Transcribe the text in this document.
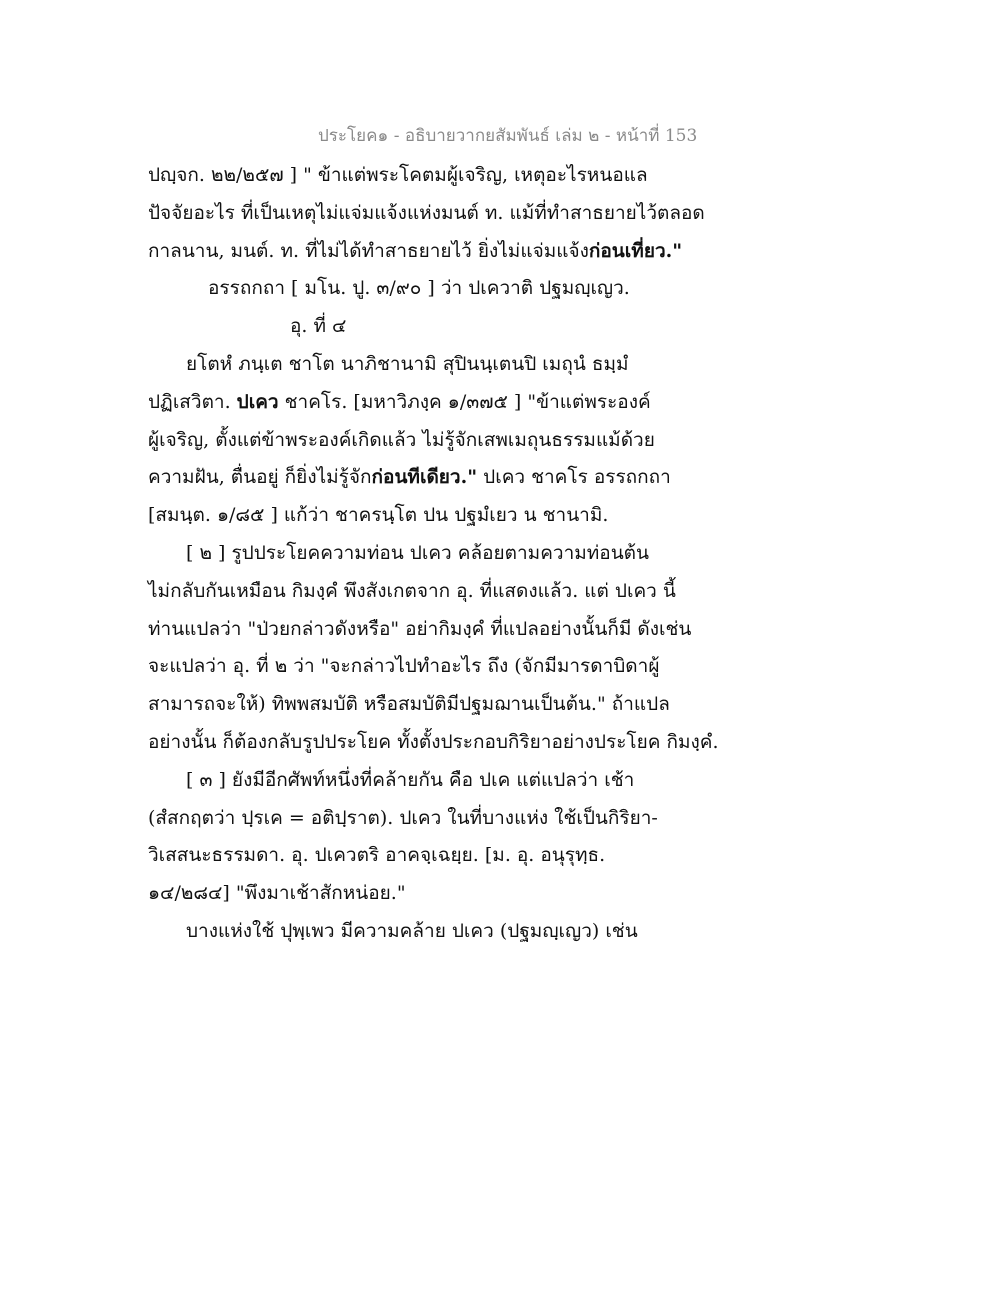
ประโยค๑ - อธิบายวากยสัมพันธ์ เล่ม ๒ - หน้าที่ 153
ปญฺจก. ๒๒/๒๕๗ ] " ข้าแต่พระโคตมผู้เจริญ, เหตุอะไรหนอแล
ปัจจัยอะไร ที่เป็นเหตุไม่แจ่มแจ้งแห่งมนต์ ท. แม้ที่ทำสาธยายไว้ตลอด
กาลนาน, มนต์. ท. ที่ไม่ได้ทำสาธยายไว้ ยิ่งไม่แจ่มแจ้งก่อนเที่ยว."
อรรถกถา [ มโน. ปู. ๓/๙๐ ] ว่า ปเควาติ ปฐมญฺเญว.
อุ. ที่ ๔
ยโตหํ ภนฺเต ชาโต นาภิชานามิ สุปินนฺเตนปิ เมถุนํ ธมฺมํ
ปฏิเสวิตา. ปเคว ชาคโร. [มหาวิภงฺค ๑/๓๗๕ ] "ข้าแต่พระองค์
ผู้เจริญ, ตั้งแต่ข้าพระองค์เกิดแล้ว ไม่รู้จักเสพเมถุนธรรมแม้ด้วย
ความฝัน, ตื่นอยู่ ก็ยิ่งไม่รู้จักก่อนทีเดียว." ปเคว ชาคโร อรรถกถา
[สมนฺต. ๑/๘๕ ] แก้ว่า ชาครนฺโต ปน ปฐมํเยว น ชานามิ.
[ ๒ ] รูปประโยคความท่อน ปเคว คล้อยตามความท่อนต้น
ไม่กลับกันเหมือน กิมงฺคํ พึงสังเกตจาก อุ. ที่แสดงแล้ว. แต่ ปเคว นี้
ท่านแปลว่า "ป่วยกล่าวดังหรือ" อย่ากิมงฺคํ ที่แปลอย่างนั้นก็มี ดังเช่น
จะแปลว่า อุ. ที่ ๒ ว่า "จะกล่าวไปทำอะไร ถึง (จักมีมารดาบิดาผู้
สามารถจะให้) ทิพพสมบัติ หรือสมบัติมีปฐมฌานเป็นต้น." ถ้าแปล
อย่างนั้น ก็ต้องกลับรูปประโยค ทั้งตั้งประกอบกิริยาอย่างประโยค กิมงฺคํ.
[ ๓ ] ยังมีอีกศัพท์หนึ่งที่คล้ายกัน คือ ปเค แต่แปลว่า เช้า
(สํสกฤตว่า ปฺรเค = อติปฺราต). ปเคว ในที่บางแห่ง ใช้เป็นกิริยา-
วิเสสนะธรรมดา. อุ. ปเควตริ อาคจฺเฉยฺย. [ม. อุ. อนุรุทฺธ.
๑๔/๒๘๔] "พึงมาเช้าสักหน่อย."
บางแห่งใช้ ปุพฺเพว มีความคล้าย ปเคว (ปฐมญฺเญว) เช่น
